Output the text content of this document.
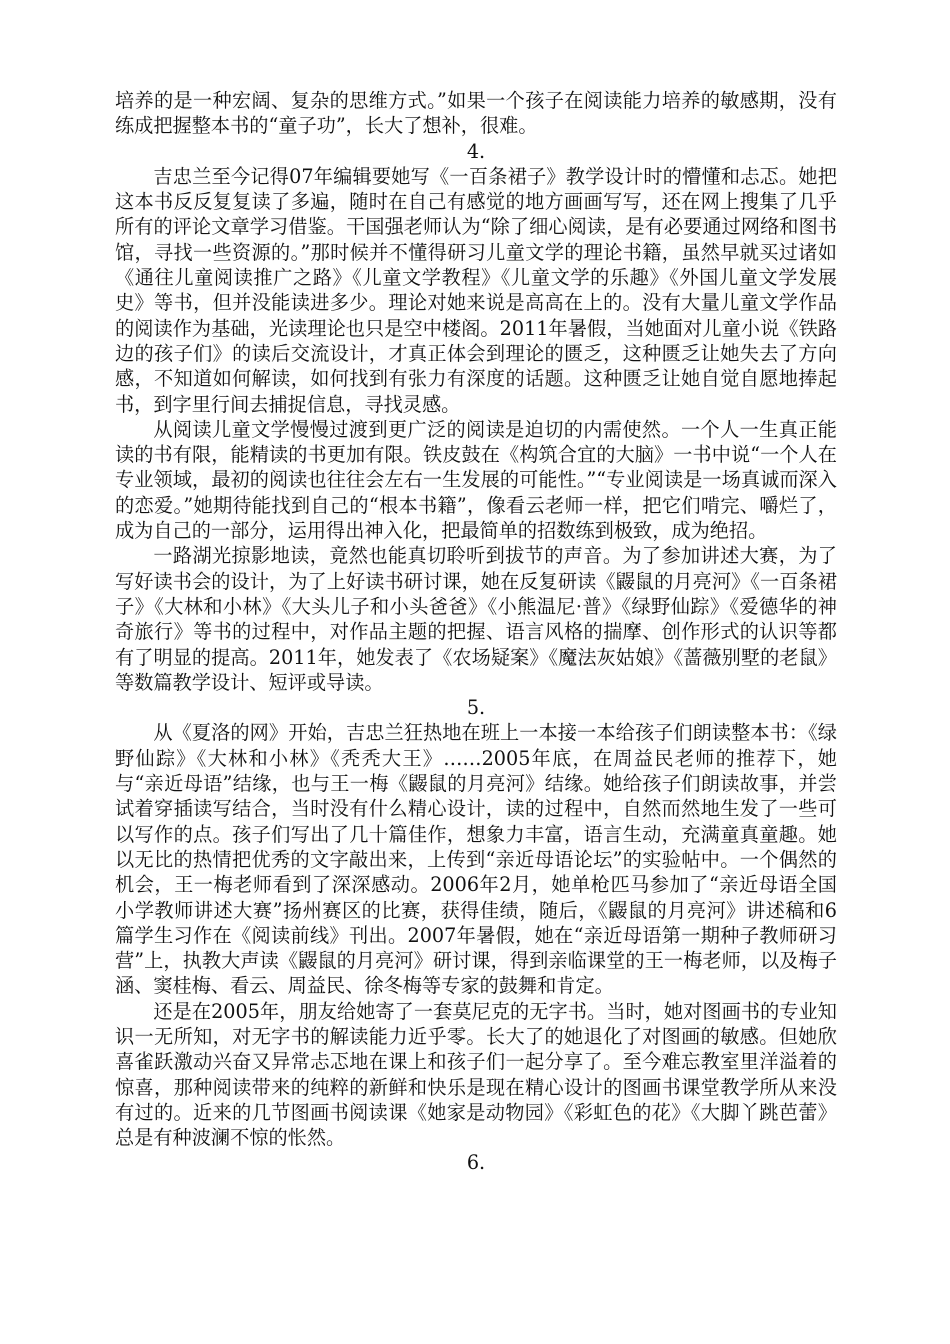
培养的是一种宏阔、复杂的思维方式。”如果一个孩子在阅读能力培养的敏感期，没有练成把握整本书的“童子功”，长大了想补，很难。

4.

吉忠兰至今记得07年编辑要她写《一百条裙子》教学设计时的懵懂和忐忑。她把这本书反反复复读了多遍，随时在自己有感觉的地方画画写写，还在网上搜集了几乎所有的评论文章学习借鉴。干国强老师认为“除了细心阅读，是有必要通过网络和图书馆，寻找一些资源的。”那时候并不懂得研习儿童文学的理论书籍，虽然早就买过诸如《通往儿童阅读推广之路》《儿童文学教程》《儿童文学的乐趣》《外国儿童文学发展史》等书，但并没能读进多少。理论对她来说是高高在上的。没有大量儿童文学作品的阅读作为基础，光读理论也只是空中楼阁。2011年暑假，当她面对儿童小说《铁路边的孩子们》的读后交流设计，才真正体会到理论的匮乏，这种匮乏让她失去了方向感，不知道如何解读，如何找到有张力有深度的话题。这种匮乏让她自觉自愿地捧起书，到字里行间去捕捉信息，寻找灵感。

从阅读儿童文学慢慢过渡到更广泛的阅读是迫切的内需使然。一个人一生真正能读的书有限，能精读的书更加有限。铁皮鼓在《构筑合宜的大脑》一书中说“一个人在专业领域，最初的阅读也往往会左右一生发展的可能性。”“专业阅读是一场真诚而深入的恋爱。”她期待能找到自己的“根本书籍”，像看云老师一样，把它们啃完、嚼烂了，成为自己的一部分，运用得出神入化，把最简单的招数练到极致，成为绝招。

一路湖光掠影地读，竟然也能真切聆听到拔节的声音。为了参加讲述大赛，为了写好读书会的设计，为了上好读书研讨课，她在反复研读《鼹鼠的月亮河》《一百条裙子》《大林和小林》《大头儿子和小头爸爸》《小熊温尼·普》《绿野仙踪》《爱德华的神奇旅行》等书的过程中，对作品主题的把握、语言风格的揣摩、创作形式的认识等都有了明显的提高。2011年，她发表了《农场疑案》《魔法灰姑娘》《蔷薇别墅的老鼠》等数篇教学设计、短评或导读。

5.

从《夏洛的网》开始，吉忠兰狂热地在班上一本接一本给孩子们朗读整本书：《绿野仙踪》《大林和小林》《秃秃大王》……2005年底，在周益民老师的推荐下，她与“亲近母语”结缘，也与王一梅《鼹鼠的月亮河》结缘。她给孩子们朗读故事，并尝试着穿插读写结合，当时没有什么精心设计，读的过程中，自然而然地生发了一些可以写作的点。孩子们写出了几十篇佳作，想象力丰富，语言生动，充满童真童趣。她以无比的热情把优秀的文字敲出来，上传到“亲近母语论坛”的实验帖中。一个偶然的机会，王一梅老师看到了深深感动。2006年2月，她单枪匹马参加了“亲近母语全国小学教师讲述大赛”扬州赛区的比赛，获得佳绩，随后，《鼹鼠的月亮河》讲述稿和6篇学生习作在《阅读前线》刊出。2007年暑假，她在“亲近母语第一期种子教师研习营”上，执教大声读《鼹鼠的月亮河》研讨课，得到亲临课堂的王一梅老师，以及梅子涵、窦桂梅、看云、周益民、徐冬梅等专家的鼓舞和肯定。

还是在2005年，朋友给她寄了一套莫尼克的无字书。当时，她对图画书的专业知识一无所知，对无字书的解读能力近乎零。长大了的她退化了对图画的敏感。但她欣喜雀跃激动兴奋又异常忐忑地在课上和孩子们一起分享了。至今难忘教室里洋溢着的惊喜，那种阅读带来的纯粹的新鲜和快乐是现在精心设计的图画书课堂教学所从来没有过的。近来的几节图画书阅读课《她家是动物园》《彩虹色的花》《大脚丫跳芭蕾》总是有种波澜不惊的怅然。

6.
